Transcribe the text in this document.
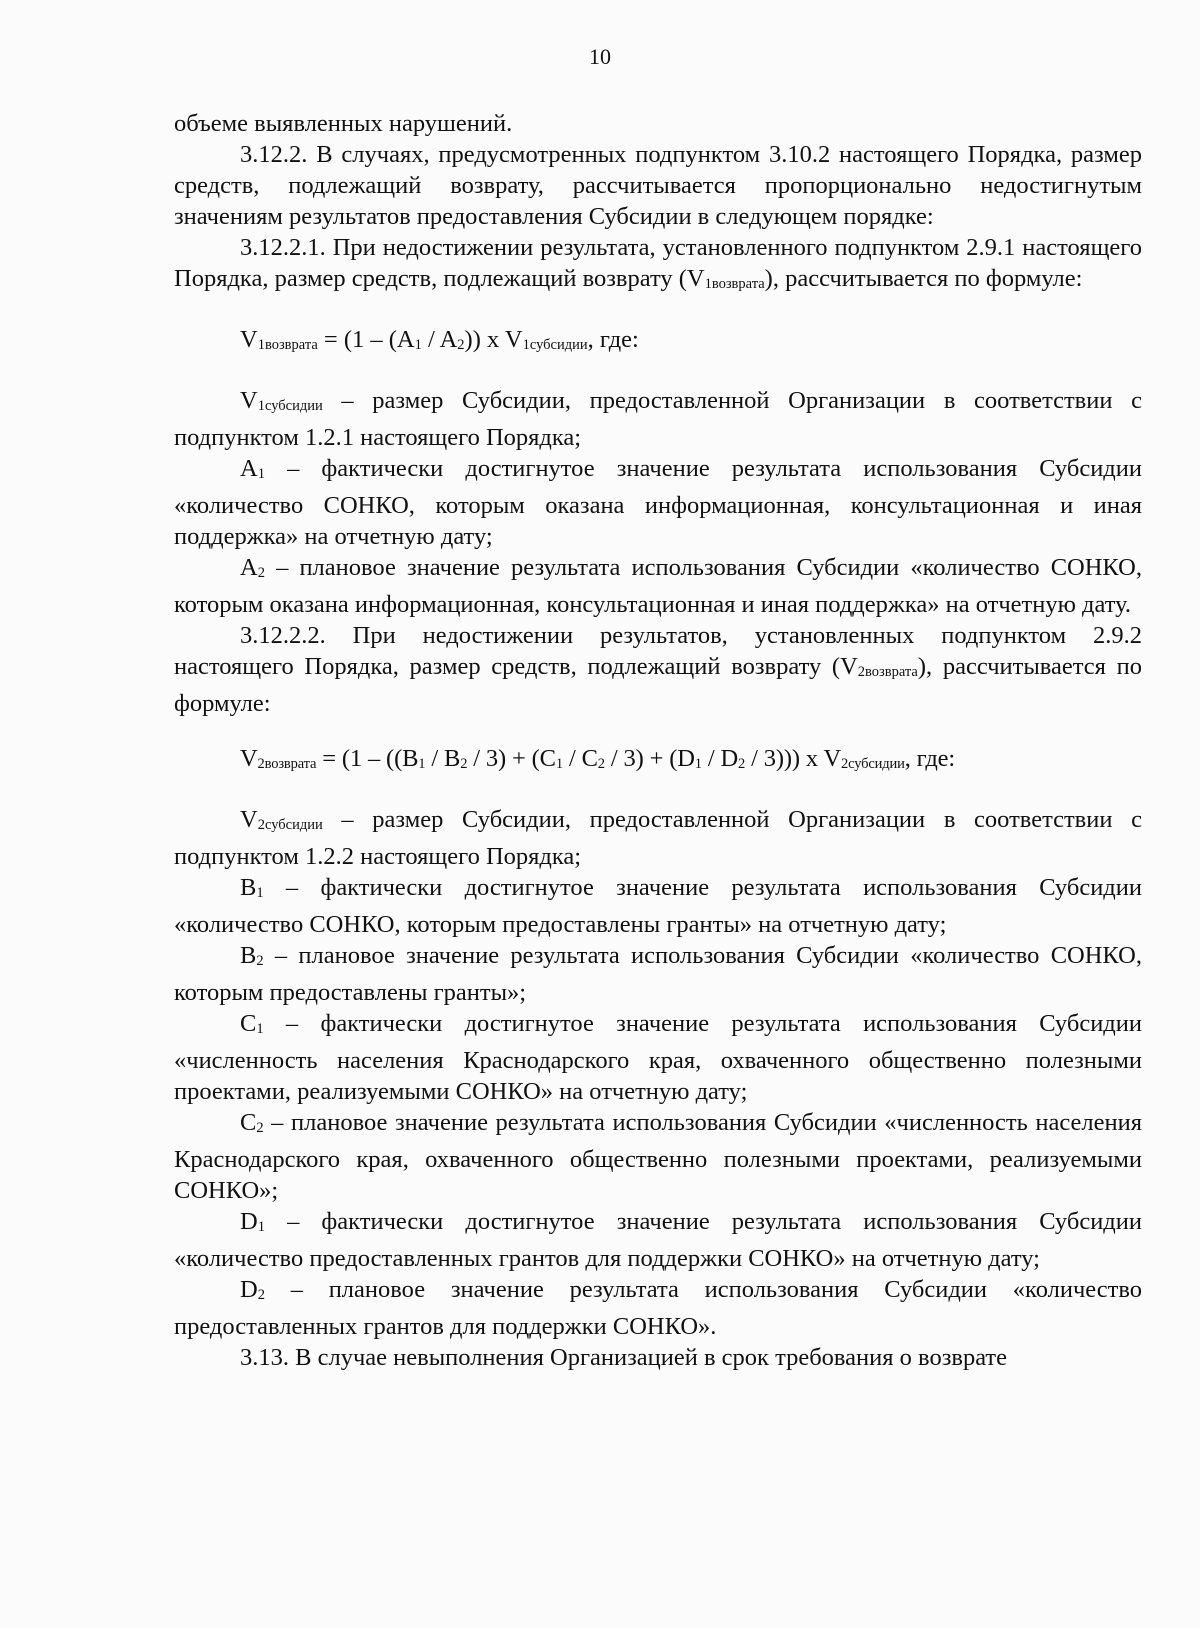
10

объеме выявленных нарушений.

3.12.2. В случаях, предусмотренных подпунктом 3.10.2 настоящего Порядка, размер средств, подлежащий возврату, рассчитывается пропорционально недостигнутым значениям результатов предоставления Субсидии в следующем порядке:

3.12.2.1. При недостижении результата, установленного подпунктом 2.9.1 настоящего Порядка, размер средств, подлежащий возврату (V1возврата), рассчитывается по формуле:

V1возврата = (1 – (A1 / A2)) x V1субсидии, где:

V1субсидии – размер Субсидии, предоставленной Организации в соответствии с подпунктом 1.2.1 настоящего Порядка;

A1 – фактически достигнутое значение результата использования Субсидии «количество СОНКО, которым оказана информационная, консультационная и иная поддержка» на отчетную дату;

A2 – плановое значение результата использования Субсидии «количество СОНКО, которым оказана информационная, консультационная и иная поддержка» на отчетную дату.

3.12.2.2. При недостижении результатов, установленных подпунктом 2.9.2 настоящего Порядка, размер средств, подлежащий возврату (V2возврата), рассчитывается по формуле:

V2возврата = (1 – ((B1 / B2 / 3) + (C1 / C2 / 3) + (D1 / D2 / 3))) x V2субсидии, где:

V2субсидии – размер Субсидии, предоставленной Организации в соответствии с подпунктом 1.2.2 настоящего Порядка;

B1 – фактически достигнутое значение результата использования Субсидии «количество СОНКО, которым предоставлены гранты» на отчетную дату;

B2 – плановое значение результата использования Субсидии «количество СОНКО, которым предоставлены гранты»;

C1 – фактически достигнутое значение результата использования Субсидии «численность населения Краснодарского края, охваченного общественно полезными проектами, реализуемыми СОНКО» на отчетную дату;

C2 – плановое значение результата использования Субсидии «численность населения Краснодарского края, охваченного общественно полезными проектами, реализуемыми СОНКО»;

D1 – фактически достигнутое значение результата использования Субсидии «количество предоставленных грантов для поддержки СОНКО» на отчетную дату;

D2 – плановое значение результата использования Субсидии «количество предоставленных грантов для поддержки СОНКО».

3.13. В случае невыполнения Организацией в срок требования о возврате
